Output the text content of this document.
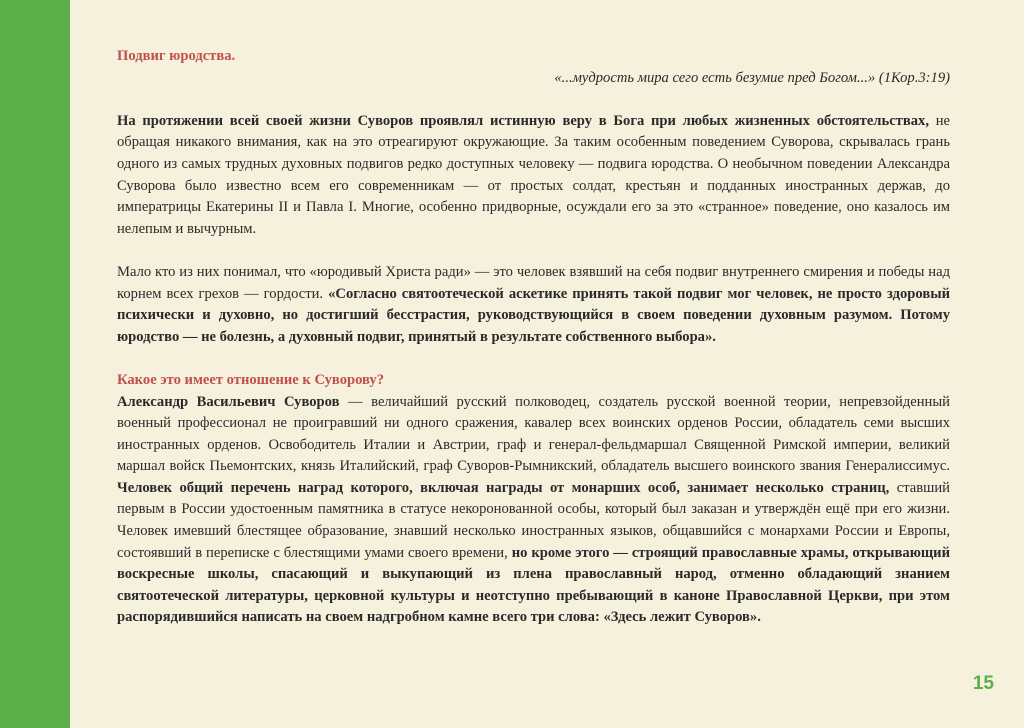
Подвиг юродства.

«...мудрость мира сего есть безумие пред Богом...» (1Кор.3:19)

На протяжении всей своей жизни Суворов проявлял истинную веру в Бога при любых жизненных обстоятельствах, не обращая никакого внимания, как на это отреагируют окружающие. За таким особенным поведением Суворова, скрывалась грань одного из самых трудных духовных подвигов редко доступных человеку — подвига юродства. О необычном поведении Александра Суворова было известно всем его современникам — от простых солдат, крестьян и подданных иностранных держав, до императрицы Екатерины II и Павла I. Многие, особенно придворные, осуждали его за это «странное» поведение, оно казалось им нелепым и вычурным.

Мало кто из них понимал, что «юродивый Христа ради» — это человек взявший на себя подвиг внутреннего смирения и победы над корнем всех грехов — гордости. «Согласно святоотеческой аскетике принять такой подвиг мог человек, не просто здоровый психически и духовно, но достигший бесстрастия, руководствующийся в своем поведении духовным разумом. Потому юродство — не болезнь, а духовный подвиг, принятый в результате собственного выбора».

Какое это имеет отношение к Суворову?

Александр Васильевич Суворов — величайший русский полководец, создатель русской военной теории, непревзойденный военный профессионал не проигравший ни одного сражения, кавалер всех воинских орденов России, обладатель семи высших иностранных орденов. Освободитель Италии и Австрии, граф и генерал-фельдмаршал Священной Римской империи, великий маршал войск Пьемонтских, князь Италийский, граф Суворов-Рымникский, обладатель высшего воинского звания Генералиссимус. Человек общий перечень наград которого, включая награды от монарших особ, занимает несколько страниц, ставший первым в России удостоенным памятника в статусе некоронованной особы, который был заказан и утверждён ещё при его жизни. Человек имевший блестящее образование, знавший несколько иностранных языков, общавшийся с монархами России и Европы, состоявший в переписке с блестящими умами своего времени, но кроме этого — строящий православные храмы, открывающий воскресные школы, спасающий и выкупающий из плена православный народ, отменно обладающий знанием святоотеческой литературы, церковной культуры и неотступно пребывающий в каноне Православной Церкви, при этом распорядившийся написать на своем надгробном камне всего три слова: «Здесь лежит Суворов».

15
